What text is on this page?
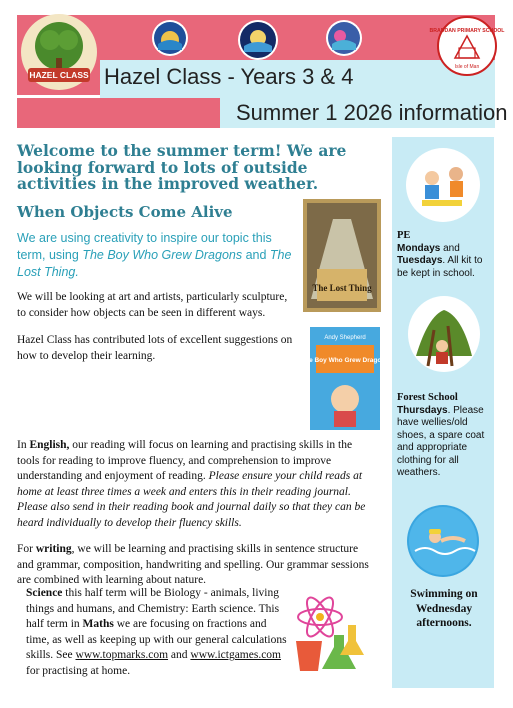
HAZEL CLASS
BRADDAN PRIMARY SCHOOL
Isle of Man
Hazel Class - Years 3 & 4
Summer 1 2026 information
Welcome to the summer term! We are looking forward to lots of outside activities in the improved weather.
When Objects Come Alive
We are using creativity to inspire our topic this term, using The Boy Who Grew Dragons and The Lost Thing.

We will be looking at art and artists, particularly sculpture, to consider how objects can be seen in different ways.

Hazel Class has contributed lots of excellent suggestions on how to develop their learning.

The Lost Thing
Andy Shepherd
The Boy Who Grew Dragons

In English, our reading will focus on learning and practising skills in the tools for reading to improve fluency, and comprehension to improve understanding and enjoyment of reading. Please ensure your child reads at home at least three times a week and enters this in their reading journal. Please also send in their reading book and journal daily so that they can be heard individually to develop their fluency skills.

For writing, we will be learning and practising skills in sentence structure and grammar, composition, handwriting and spelling. Our grammar sessions are combined with learning about nature.

Science this half term will be Biology - animals, living things and humans, and Chemistry: Earth science. This half term in Maths we are focusing on fractions and time, as well as keeping up with our general calculations skills. See www.topmarks.com and www.ictgames.com for practising at home.

PE
Mondays and Tuesdays. All kit to be kept in school.
Forest School
Thursdays. Please have wellies/old shoes, a spare coat and appropriate clothing for all weathers.
Swimming on Wednesday afternoons.
